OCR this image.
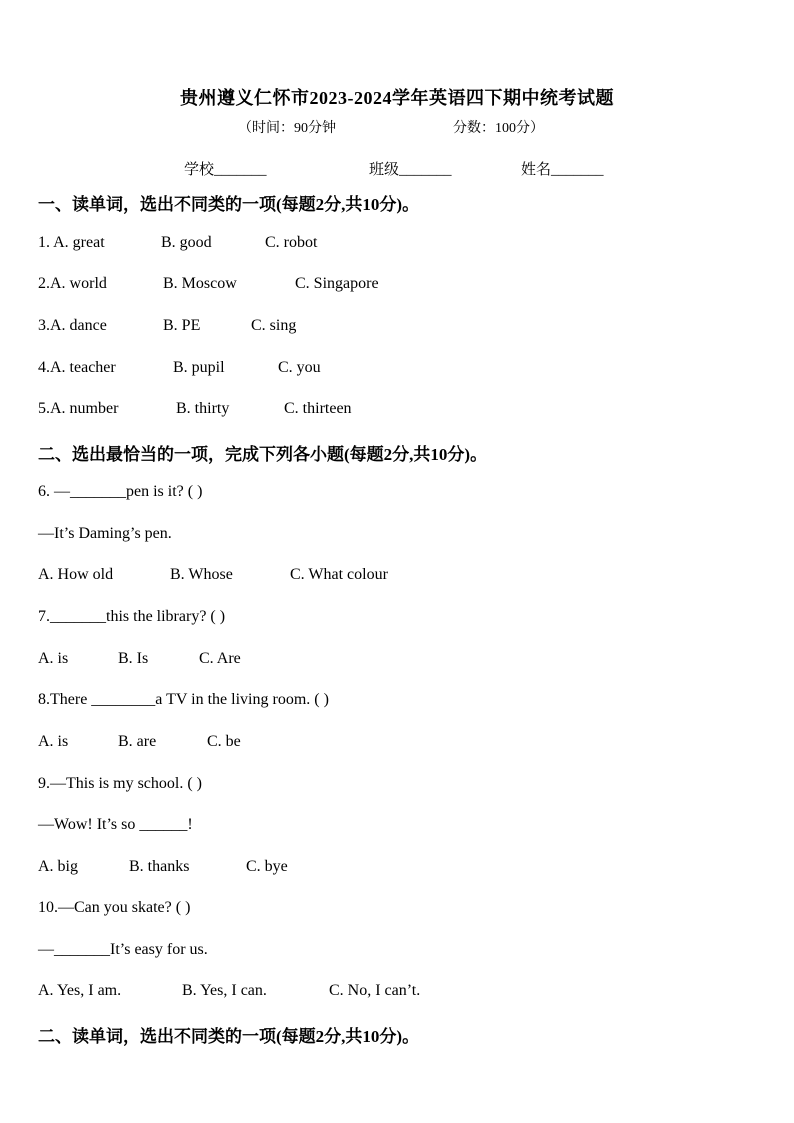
贵州遵义仁怀市2023-2024学年英语四下期中统考试题
（时间：90分钟	分数：100分）
学校_______	班级_______	姓名_______
一、读单词，选出不同类的一项(每题2分,共10分)。
1. A. great	B. good	C. robot
2.A. world	B. Moscow	C. Singapore
3.A. dance	B. PE	C. sing
4.A. teacher	B. pupil	C. you
5.A. number	B. thirty	C. thirteen
二、选出最恰当的一项，完成下列各小题(每题2分,共10分)。
6. —_______pen is it? ( )
—It’s Daming’s pen.
A. How old	B. Whose	C. What colour
7._______this the library? ( )
A. is	B. Is	C. Are
8.There ________a TV in the living room. ( )
A. is	B. are	C. be
9.—This is my school. ( )
—Wow! It’s so ______!
A. big	B. thanks	C. bye
10.—Can you skate? ( )
—_______It’s easy for us.
A. Yes, I am.	B. Yes, I can.	C. No, I can’t.
二、读单词，选出不同类的一项(每题2分,共10分)。
